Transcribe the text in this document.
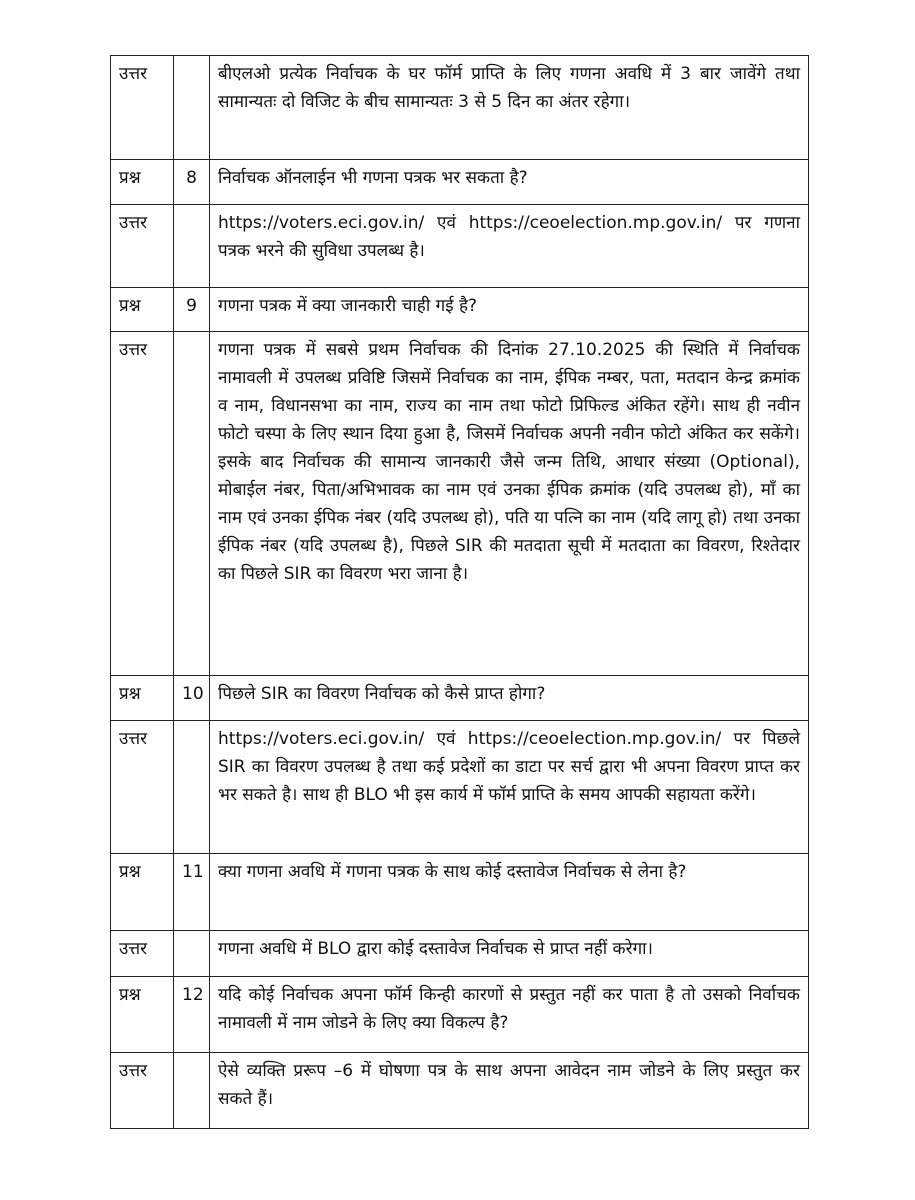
उत्तर		बीएलओ प्रत्येक निर्वाचक के घर फॉर्म प्राप्ति के लिए गणना अवधि में 3 बार जावेंगे तथा सामान्यतः दो विजिट के बीच सामान्यतः 3 से 5 दिन का अंतर रहेगा।
प्रश्न	8	निर्वाचक ऑनलाईन भी गणना पत्रक भर सकता है?
उत्तर		https://voters.eci.gov.in/ एवं https://ceoelection.mp.gov.in/ पर गणना पत्रक भरने की सुविधा उपलब्ध है।
प्रश्न	9	गणना पत्रक में क्या जानकारी चाही गई है?
उत्तर		गणना पत्रक में सबसे प्रथम निर्वाचक की दिनांक 27.10.2025 की स्थिति में निर्वाचक नामावली में उपलब्ध प्रविष्टि जिसमें निर्वाचक का नाम, ईपिक नम्बर, पता, मतदान केन्द्र क्रमांक व नाम, विधानसभा का नाम, राज्य का नाम तथा फोटो प्रिफिल्ड अंकित रहेंगे। साथ ही नवीन फोटो चस्पा के लिए स्थान दिया हुआ है, जिसमें निर्वाचक अपनी नवीन फोटो अंकित कर सकेंगे। इसके बाद निर्वाचक की सामान्य जानकारी जैसे जन्म तिथि, आधार संख्या (Optional), मोबाईल नंबर, पिता/अभिभावक का नाम एवं उनका ईपिक क्रमांक (यदि उपलब्ध हो), माँ का नाम एवं उनका ईपिक नंबर (यदि उपलब्ध हो), पति या पत्नि का नाम (यदि लागू हो) तथा उनका ईपिक नंबर (यदि उपलब्ध है), पिछले SIR की मतदाता सूची में मतदाता का विवरण, रिश्तेदार का पिछले SIR का विवरण भरा जाना है।
प्रश्न	10	पिछले SIR का विवरण निर्वाचक को कैसे प्राप्त होगा?
उत्तर		https://voters.eci.gov.in/ एवं https://ceoelection.mp.gov.in/ पर पिछले SIR का विवरण उपलब्ध है तथा कई प्रदेशों का डाटा पर सर्च द्वारा भी अपना विवरण प्राप्त कर भर सकते है। साथ ही BLO भी इस कार्य में फॉर्म प्राप्ति के समय आपकी सहायता करेंगे।
प्रश्न	11	क्या गणना अवधि में गणना पत्रक के साथ कोई दस्तावेज निर्वाचक से लेना है?
उत्तर		गणना अवधि में BLO द्वारा कोई दस्तावेज निर्वाचक से प्राप्त नहीं करेगा।
प्रश्न	12	यदि कोई निर्वाचक अपना फॉर्म किन्ही कारणों से प्रस्तुत नहीं कर पाता है तो उसको निर्वाचक नामावली में नाम जोडने के लिए क्या विकल्प है?
उत्तर		ऐसे व्यक्ति प्ररूप –6 में घोषणा पत्र के साथ अपना आवेदन नाम जोडने के लिए प्रस्तुत कर सकते हैं।
